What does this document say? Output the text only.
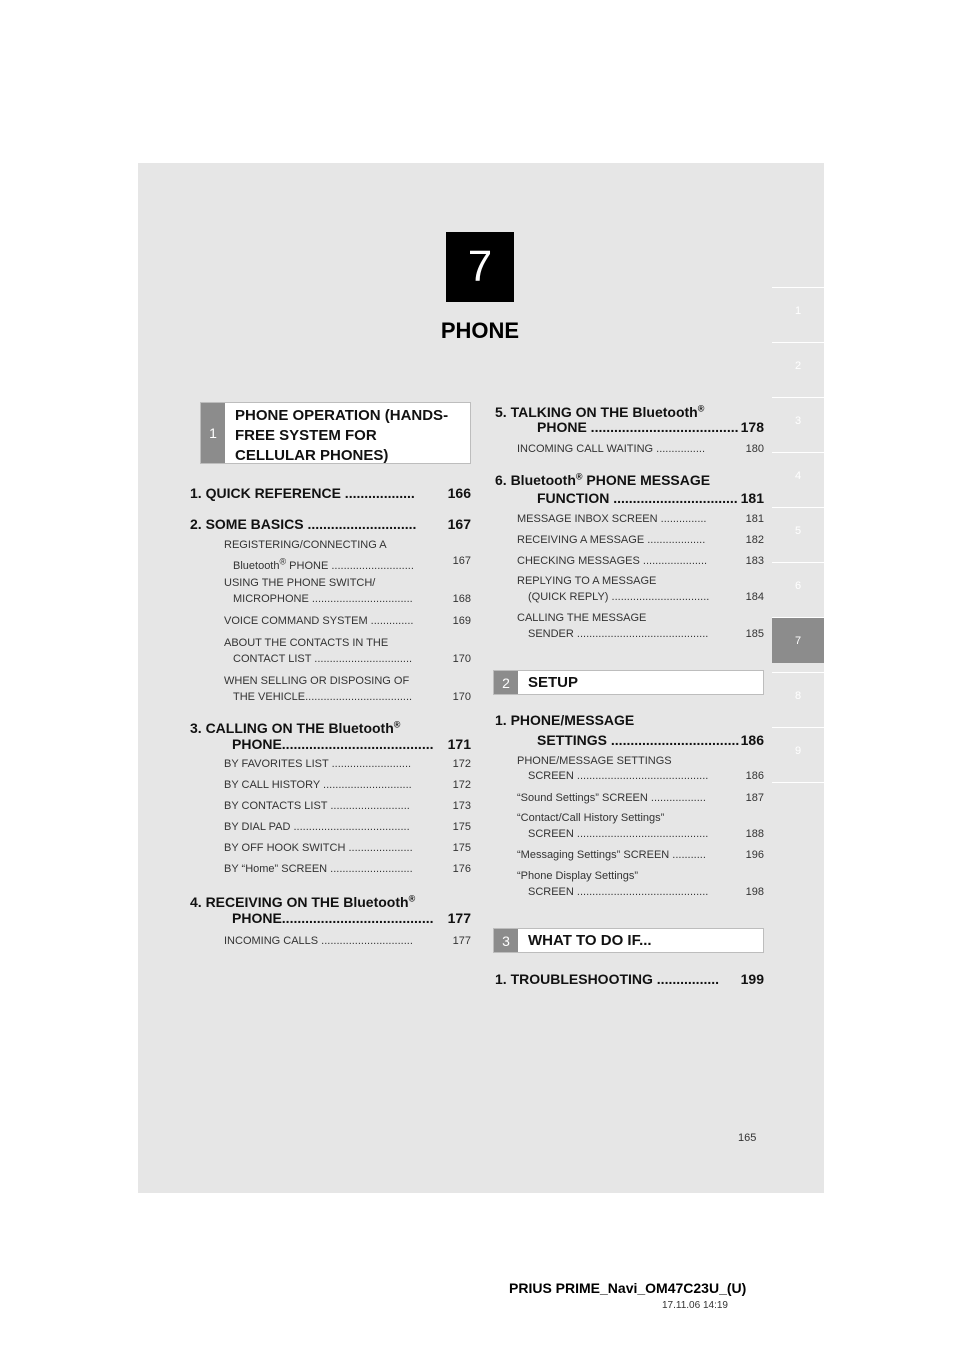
7
PHONE
1
2
3
4
5
6
7
8
9
1
PHONE OPERATION (HANDS-FREE SYSTEM FOR CELLULAR PHONES)
1. QUICK REFERENCE .................. 166
2. SOME BASICS ............................ 167
REGISTERING/CONNECTING A
Bluetooth® PHONE ...........................	167
USING THE PHONE SWITCH/
MICROPHONE .................................	168
VOICE COMMAND SYSTEM ..............	169
ABOUT THE CONTACTS IN THE
CONTACT LIST ................................	170
WHEN SELLING OR DISPOSING OF
THE VEHICLE...................................	170
3. CALLING ON THE Bluetooth®
PHONE....................................... 171
BY FAVORITES LIST ..........................	172
BY CALL HISTORY .............................	172
BY CONTACTS LIST ..........................	173
BY DIAL PAD ......................................	175
BY OFF HOOK SWITCH .....................	175
BY “Home” SCREEN ...........................	176
4. RECEIVING ON THE Bluetooth®
PHONE....................................... 177
INCOMING CALLS ..............................	177
5. TALKING ON THE Bluetooth®
PHONE ...................................... 178
INCOMING CALL WAITING ................	180
6. Bluetooth® PHONE MESSAGE
FUNCTION ................................ 181
MESSAGE INBOX SCREEN ...............	181
RECEIVING A MESSAGE ...................	182
CHECKING MESSAGES .....................	183
REPLYING TO A MESSAGE
(QUICK REPLY) ................................	184
CALLING THE MESSAGE
SENDER ...........................................	185
2	SETUP
1. PHONE/MESSAGE
SETTINGS ................................. 186
PHONE/MESSAGE SETTINGS
SCREEN ...........................................	186
“Sound Settings” SCREEN ..................	187
“Contact/Call History Settings”
SCREEN ...........................................	188
“Messaging Settings” SCREEN ...........	196
“Phone Display Settings”
SCREEN ...........................................	198
3	WHAT TO DO IF...
1. TROUBLESHOOTING ................ 199
165
PRIUS PRIME_Navi_OM47C23U_(U)
17.11.06 14:19
